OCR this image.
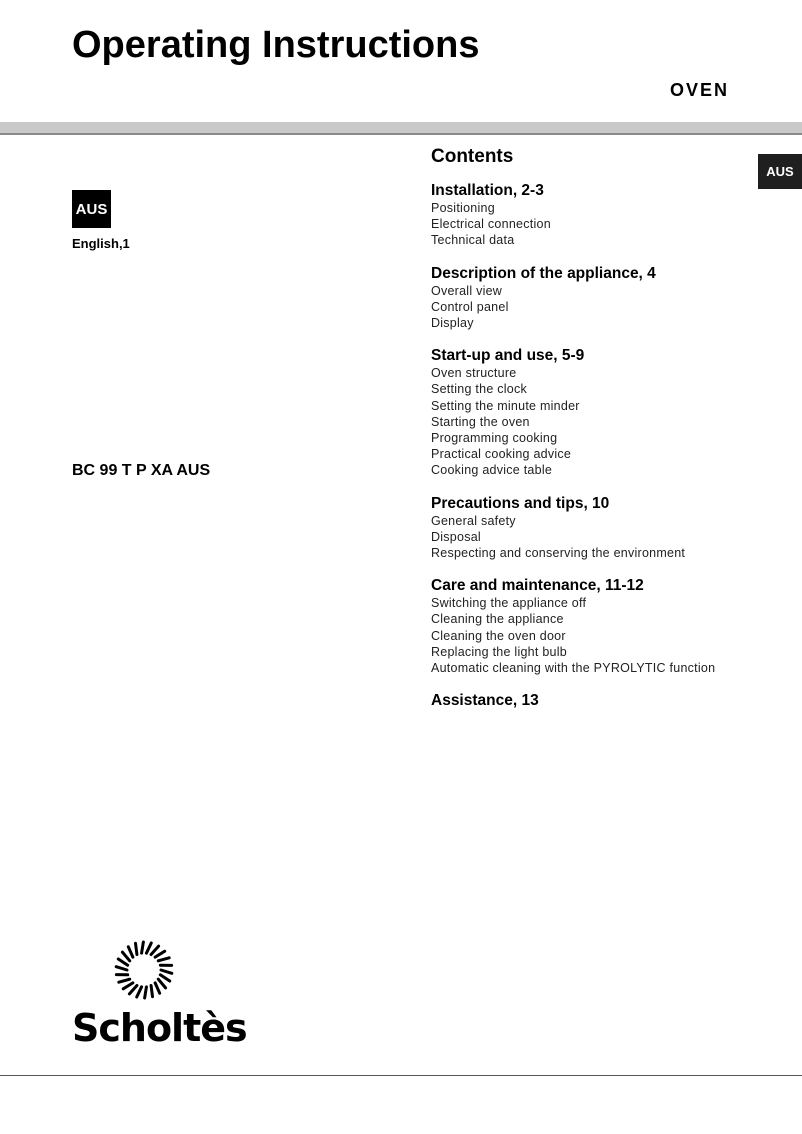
Operating Instructions
OVEN
AUS
English,1
BC 99 T P XA AUS
AUS
Contents
Installation, 2-3
Positioning
Electrical connection
Technical data
Description of the appliance, 4
Overall view
Control panel
Display
Start-up and use, 5-9
Oven structure
Setting the clock
Setting the minute minder
Starting the oven
Programming cooking
Practical cooking advice
Cooking advice table
Precautions and tips, 10
General safety
Disposal
Respecting and conserving the environment
Care and maintenance, 11-12
Switching the appliance off
Cleaning the appliance
Cleaning the oven door
Replacing the light bulb
Automatic cleaning with the PYROLYTIC function
Assistance, 13
Scholtès
